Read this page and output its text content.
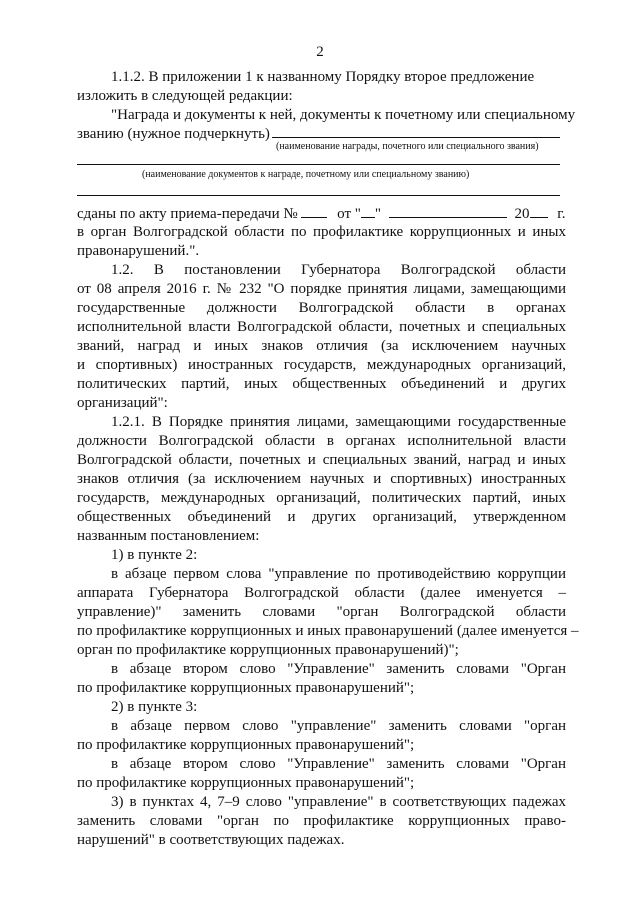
2
1.1.2. В приложении 1 к названному Порядку второе предложение
изложить в следующей редакции:
"Награда и документы к ней, документы к почетному или специальному
званию (нужное подчеркнуть)
(наименование награды, почетного или специального звания)
(наименование документов к награде, почетному или специальному званию)
сданы по акту приема-передачи №	от " "	20 г.
в орган Волгоградской области по профилактике коррупционных и иных
правонарушений.".
1.2. В постановлении Губернатора Волгоградской области
от 08 апреля 2016 г. № 232 "О порядке принятия лицами, замещающими
государственные должности Волгоградской области в органах
исполнительной власти Волгоградской области, почетных и специальных
званий, наград и иных знаков отличия (за исключением научных
и спортивных) иностранных государств, международных организаций,
политических партий, иных общественных объединений и других
организаций":
1.2.1. В Порядке принятия лицами, замещающими государственные
должности Волгоградской области в органах исполнительной власти
Волгоградской области, почетных и специальных званий, наград и иных
знаков отличия (за исключением научных и спортивных) иностранных
государств, международных организаций, политических партий, иных
общественных объединений и других организаций, утвержденном
названным постановлением:
1) в пункте 2:
в абзаце первом слова "управление по противодействию коррупции
аппарата Губернатора Волгоградской области (далее именуется –
управление)" заменить словами "орган Волгоградской области
по профилактике коррупционных и иных правонарушений (далее именуется –
орган по профилактике коррупционных правонарушений)";
в абзаце втором слово "Управление" заменить словами "Орган
по профилактике коррупционных правонарушений";
2) в пункте 3:
в абзаце первом слово "управление" заменить словами "орган
по профилактике коррупционных правонарушений";
в абзаце втором слово "Управление" заменить словами "Орган
по профилактике коррупционных правонарушений";
3) в пунктах 4, 7–9 слово "управление" в соответствующих падежах
заменить словами "орган по профилактике коррупционных право-
нарушений" в соответствующих падежах.
